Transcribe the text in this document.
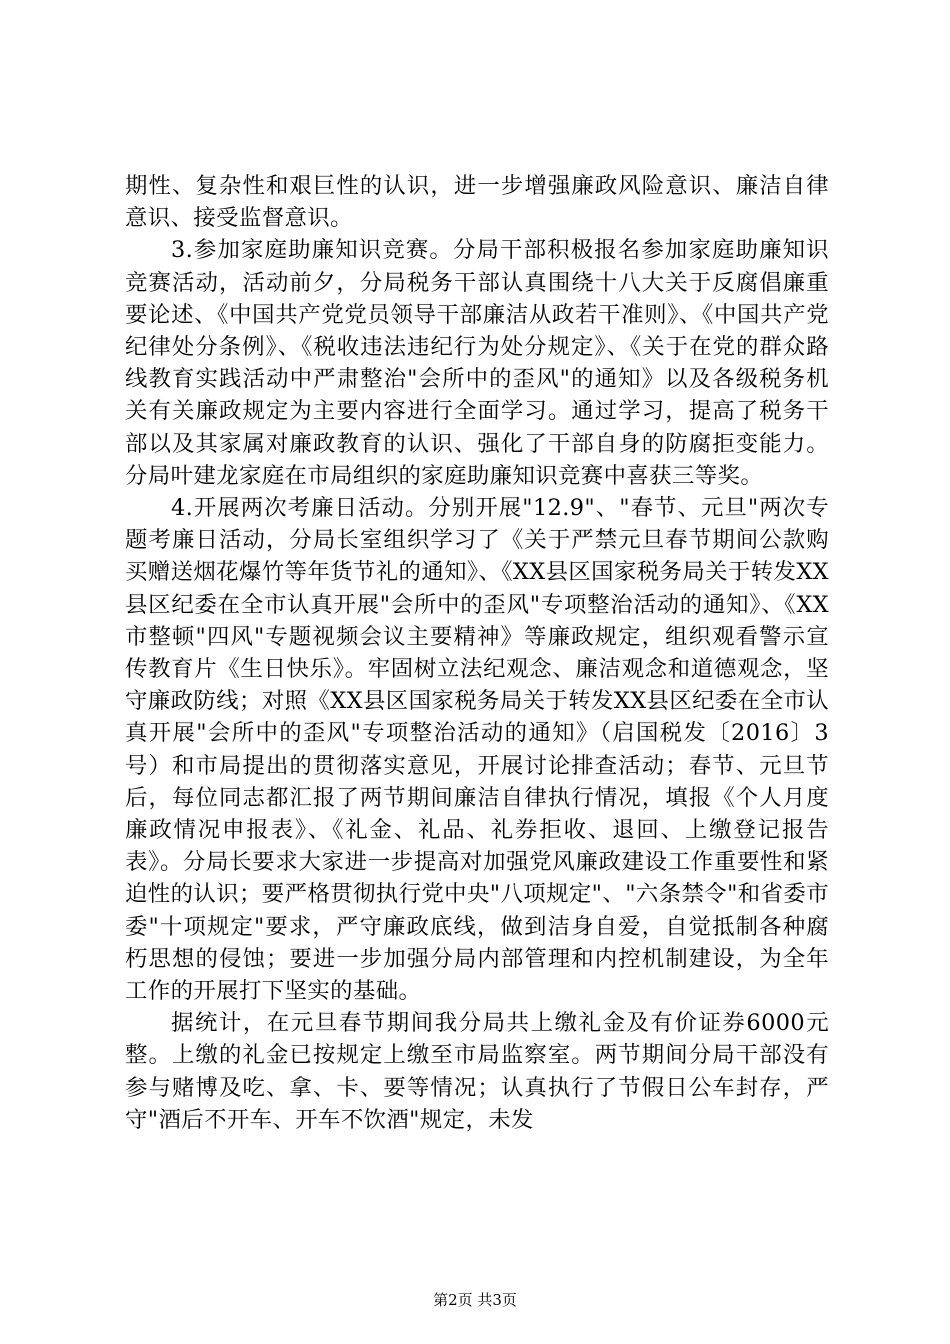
期性、复杂性和艰巨性的认识，进一步增强廉政风险意识、廉洁自律意识、接受监督意识。

3.参加家庭助廉知识竞赛。分局干部积极报名参加家庭助廉知识竞赛活动，活动前夕，分局税务干部认真围绕十八大关于反腐倡廉重要论述、《中国共产党党员领导干部廉洁从政若干准则》、《中国共产党纪律处分条例》、《税收违法违纪行为处分规定》、《关于在党的群众路线教育实践活动中严肃整治"会所中的歪风"的通知》以及各级税务机关有关廉政规定为主要内容进行全面学习。通过学习，提高了税务干部以及其家属对廉政教育的认识、强化了干部自身的防腐拒变能力。分局叶建龙家庭在市局组织的家庭助廉知识竞赛中喜获三等奖。

4.开展两次考廉日活动。分别开展"12.9"、"春节、元旦"两次专题考廉日活动，分局长室组织学习了《关于严禁元旦春节期间公款购买赠送烟花爆竹等年货节礼的通知》、《XX县区国家税务局关于转发XX县区纪委在全市认真开展"会所中的歪风"专项整治活动的通知》、《XX市整顿"四风"专题视频会议主要精神》等廉政规定，组织观看警示宣传教育片《生日快乐》。牢固树立法纪观念、廉洁观念和道德观念，坚守廉政防线；对照《XX县区国家税务局关于转发XX县区纪委在全市认真开展"会所中的歪风"专项整治活动的通知》（启国税发〔2016〕3号）和市局提出的贯彻落实意见，开展讨论排查活动；春节、元旦节后，每位同志都汇报了两节期间廉洁自律执行情况，填报《个人月度廉政情况申报表》、《礼金、礼品、礼券拒收、退回、上缴登记报告表》。分局长要求大家进一步提高对加强党风廉政建设工作重要性和紧迫性的认识；要严格贯彻执行党中央"八项规定"、"六条禁令"和省委市委"十项规定"要求，严守廉政底线，做到洁身自爱，自觉抵制各种腐朽思想的侵蚀；要进一步加强分局内部管理和内控机制建设，为全年工作的开展打下坚实的基础。

据统计，在元旦春节期间我分局共上缴礼金及有价证券6000元整。上缴的礼金已按规定上缴至市局监察室。两节期间分局干部没有参与赌博及吃、拿、卡、要等情况；认真执行了节假日公车封存，严守"酒后不开车、开车不饮酒"规定，未发

第2页 共3页
